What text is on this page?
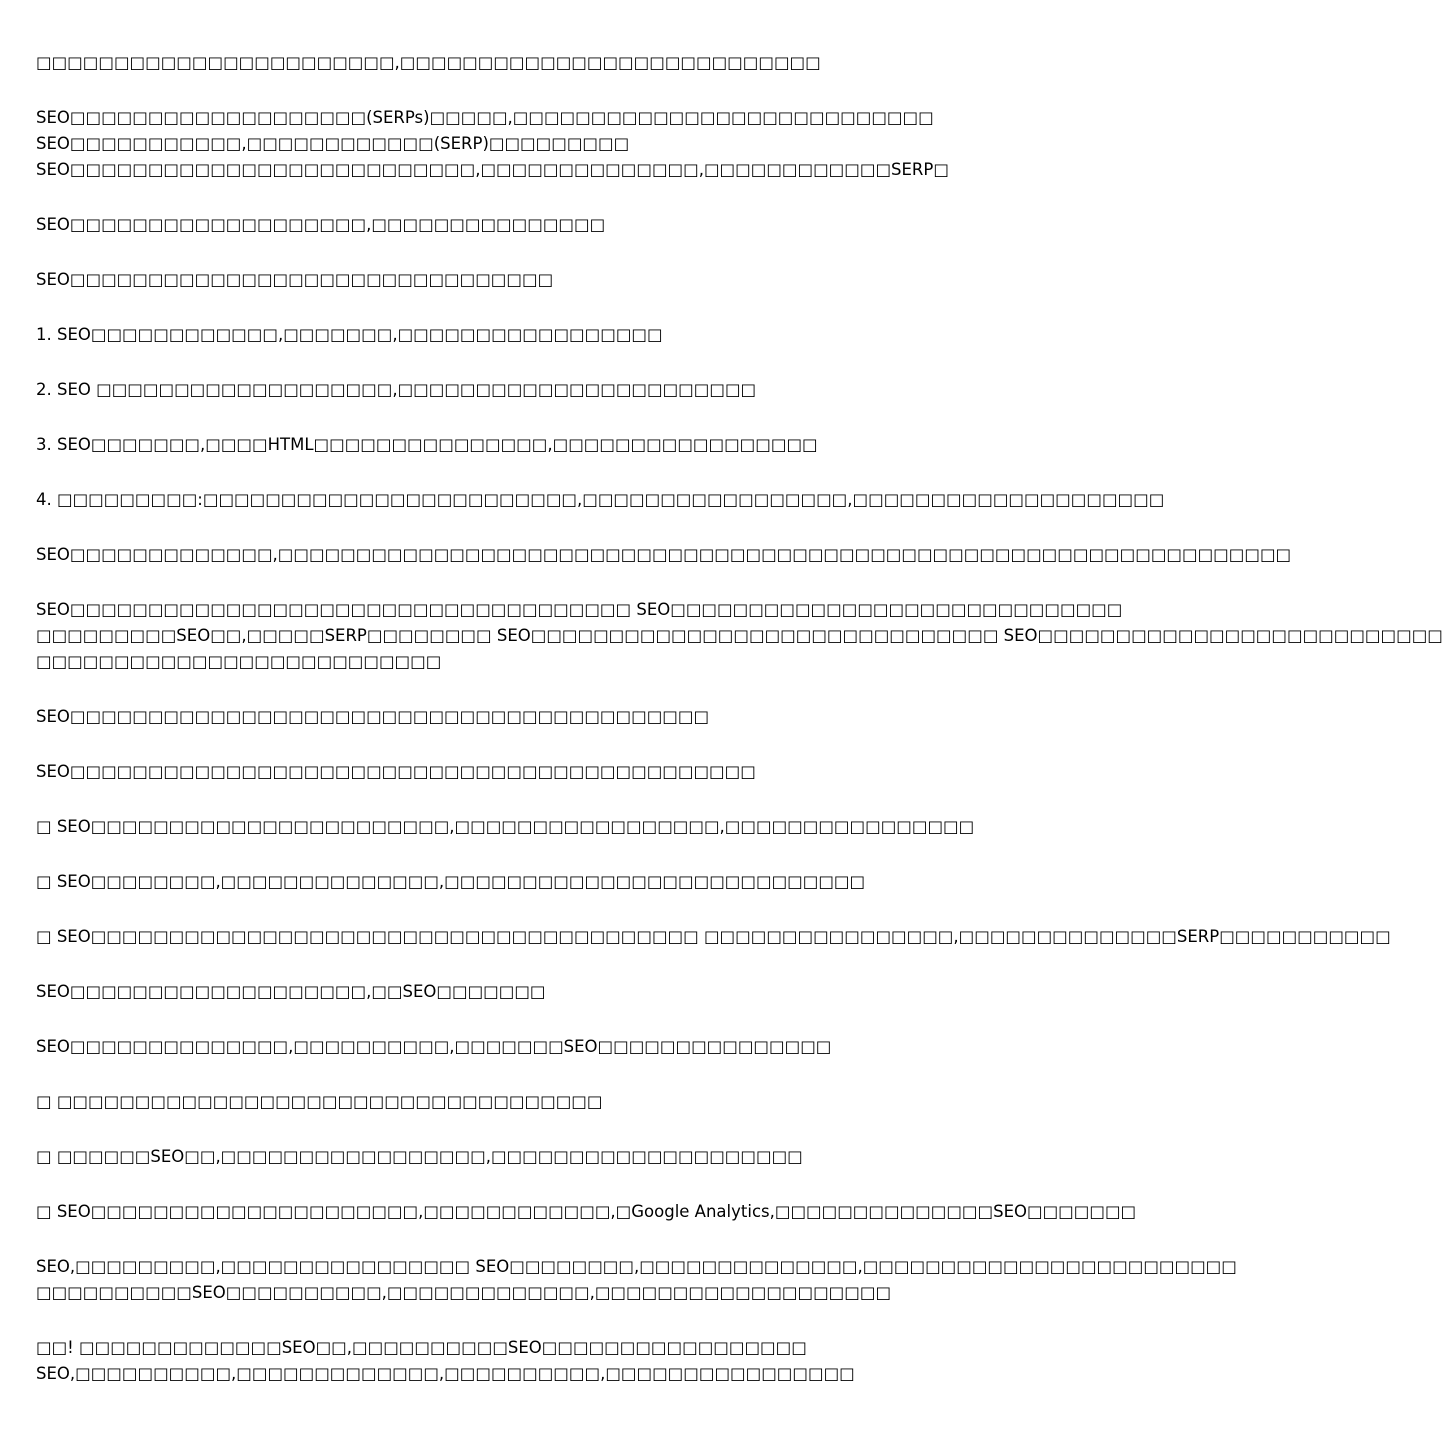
□□□□□□□□□□□□□□□□□□□□□□□,□□□□□□□□□□□□□□□□□□□□□□□□□□□
SEO□□□□□□□□□□□□□□□□□□□(SERPs)□□□□□,□□□□□□□□□□□□□□□□□□□□□□□□□□□
SEO□□□□□□□□□□□,□□□□□□□□□□□□(SERP)□□□□□□□□□
SEO□□□□□□□□□□□□□□□□□□□□□□□□□□,□□□□□□□□□□□□□□,□□□□□□□□□□□□SERP□
SEO□□□□□□□□□□□□□□□□□□□,□□□□□□□□□□□□□□□
SEO□□□□□□□□□□□□□□□□□□□□□□□□□□□□□□□
1. SEO□□□□□□□□□□□□,□□□□□□□,□□□□□□□□□□□□□□□□□
2. SEO □□□□□□□□□□□□□□□□□□□,□□□□□□□□□□□□□□□□□□□□□□□
3. SEO□□□□□□□,□□□□HTML□□□□□□□□□□□□□□□,□□□□□□□□□□□□□□□□□
4. □□□□□□□□□:□□□□□□□□□□□□□□□□□□□□□□□□,□□□□□□□□□□□□□□□□□,□□□□□□□□□□□□□□□□□□□□
SEO□□□□□□□□□□□□□,□□□□□□□□□□□□□□□□□□□□□□□□□□□□□□□□□□□□□□□□□□□□□□□□□□□□□□□□□□□□□□□□□
SEO□□□□□□□□□□□□□□□□□□□□□□□□□□□□□□□□□□□□ SEO□□□□□□□□□□□□□□□□□□□□□□□□□□□□□
□□□□□□□□□SEO□□,□□□□□SERP□□□□□□□□ SEO□□□□□□□□□□□□□□□□□□□□□□□□□□□□□□ SEO□□□□□□□□□□□□□□□□□□□□□□□□□□
□□□□□□□□□□□□□□□□□□□□□□□□□□
SEO□□□□□□□□□□□□□□□□□□□□□□□□□□□□□□□□□□□□□□□□□
SEO□□□□□□□□□□□□□□□□□□□□□□□□□□□□□□□□□□□□□□□□□□□□
□ SEO□□□□□□□□□□□□□□□□□□□□□□□,□□□□□□□□□□□□□□□□□,□□□□□□□□□□□□□□□□
□ SEO□□□□□□□□,□□□□□□□□□□□□□□,□□□□□□□□□□□□□□□□□□□□□□□□□□□
□ SEO□□□□□□□□□□□□□□□□□□□□□□□□□□□□□□□□□□□□□□□ □□□□□□□□□□□□□□□□,□□□□□□□□□□□□□□SERP□□□□□□□□□□□
SEO□□□□□□□□□□□□□□□□□□□,□□SEO□□□□□□□
SEO□□□□□□□□□□□□□□,□□□□□□□□□□,□□□□□□□SEO□□□□□□□□□□□□□□□
□ □□□□□□□□□□□□□□□□□□□□□□□□□□□□□□□□□□□
□ □□□□□□SEO□□,□□□□□□□□□□□□□□□□□,□□□□□□□□□□□□□□□□□□□□
□ SEO□□□□□□□□□□□□□□□□□□□□□,□□□□□□□□□□□□,□Google Analytics,□□□□□□□□□□□□□□SEO□□□□□□□
SEO,□□□□□□□□□,□□□□□□□□□□□□□□□□ SEO□□□□□□□□,□□□□□□□□□□□□□□,□□□□□□□□□□□□□□□□□□□□□□□□
□□□□□□□□□□SEO□□□□□□□□□□,□□□□□□□□□□□□□,□□□□□□□□□□□□□□□□□□□
□□! □□□□□□□□□□□□□SEO□□,□□□□□□□□□□SEO□□□□□□□□□□□□□□□□□
SEO,□□□□□□□□□□,□□□□□□□□□□□□□,□□□□□□□□□□,□□□□□□□□□□□□□□□□
